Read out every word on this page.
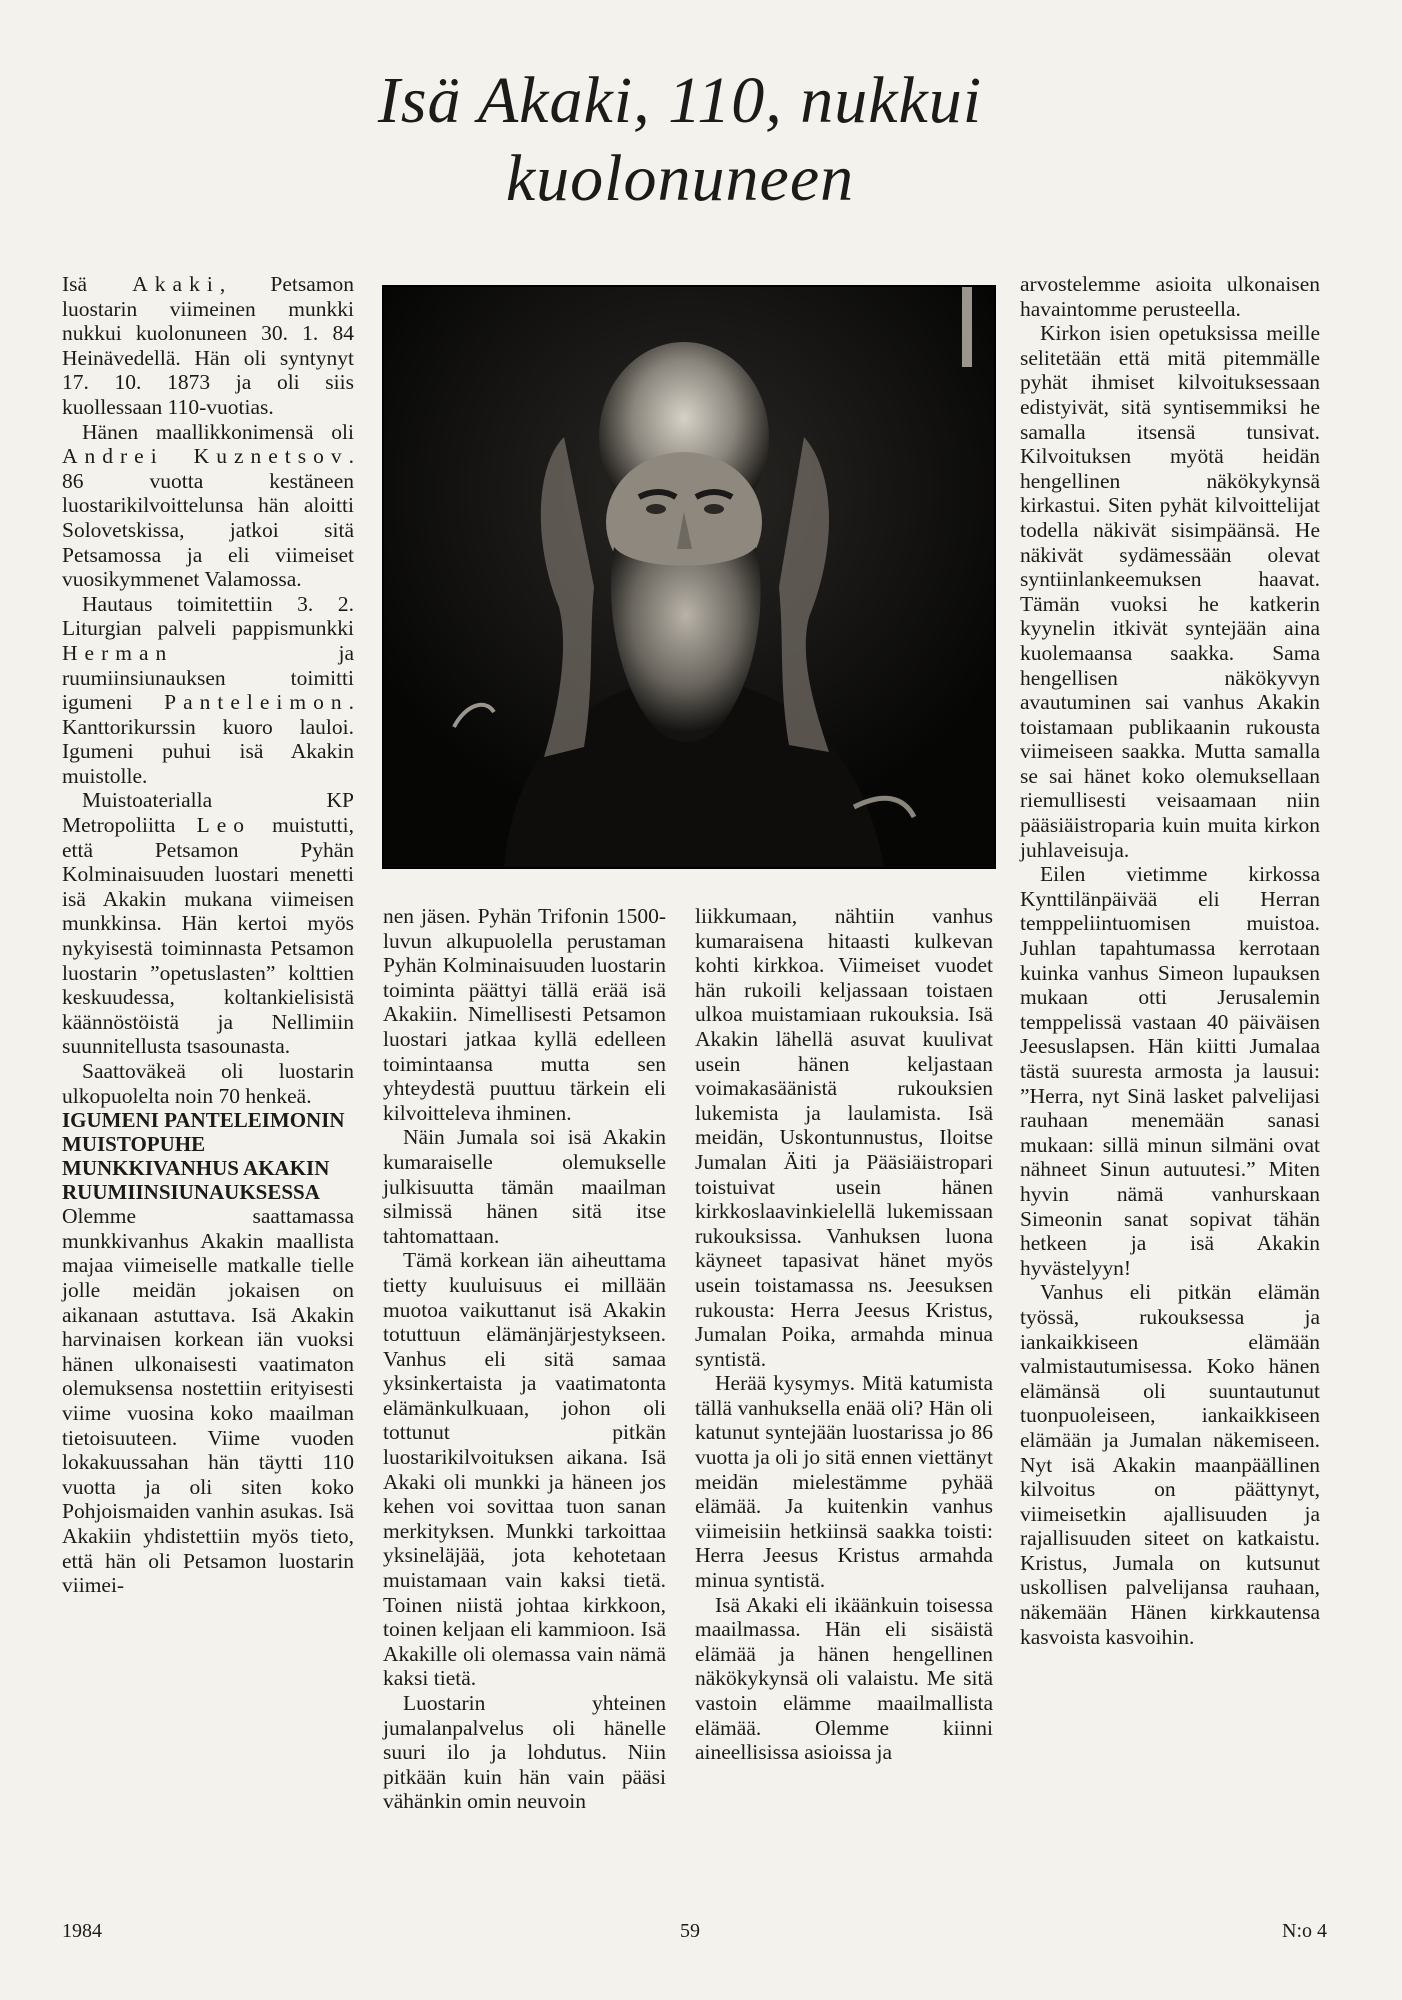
Isä Akaki, 110, nukkui kuolonuneen

Isä Akaki, Petsamon luostarin viimeinen munkki nukkui kuolonuneen 30. 1. 84 Heinävedellä. Hän oli syntynyt 17. 10. 1873 ja oli siis kuollessaan 110-vuotias.

Hänen maallikkonimensä oli Andrei Kuznetsov. 86 vuotta kestäneen luostarikilvoittelunsa hän aloitti Solovetskissa, jatkoi sitä Petsamossa ja eli viimeiset vuosikymmenet Valamossa.

Hautaus toimitettiin 3. 2. Liturgian palveli pappismunkki Herman ja ruumiinsiunauksen toimitti igumeni Panteleimon. Kanttorikurssin kuoro lauloi. Igumeni puhui isä Akakin muistolle.

Muistoaterialla KP Metropoliitta Leo muistutti, että Petsamon Pyhän Kolminaisuuden luostari menetti isä Akakin mukana viimeisen munkkinsa. Hän kertoi myös nykyisestä toiminnasta Petsamon luostarin ”opetuslasten” kolttien keskuudessa, koltankielisistä käännöstöistä ja Nellimiin suunnitellusta tsasounasta.

Saattoväkeä oli luostarin ulkopuolelta noin 70 henkeä.

IGUMENI PANTELEIMONIN MUISTOPUHE MUNKKIVANHUS AKAKIN RUUMIINSIUNAUKSESSA

Olemme saattamassa munkkivanhus Akakin maallista majaa viimeiselle matkalle tielle jolle meidän jokaisen on aikanaan astuttava. Isä Akakin harvinaisen korkean iän vuoksi hänen ulkonaisesti vaatimaton olemuksensa nostettiin erityisesti viime vuosina koko maailman tietoisuuteen. Viime vuoden lokakuussahan hän täytti 110 vuotta ja oli siten koko Pohjoismaiden vanhin asukas. Isä Akakiin yhdistettiin myös tieto, että hän oli Petsamon luostarin viimei-

nen jäsen. Pyhän Trifonin 1500-luvun alkupuolella perustaman Pyhän Kolminaisuuden luostarin toiminta päättyi tällä erää isä Akakiin. Nimellisesti Petsamon luostari jatkaa kyllä edelleen toimintaansa mutta sen yhteydestä puuttuu tärkein eli kilvoitteleva ihminen.

Näin Jumala soi isä Akakin kumaraiselle olemukselle julkisuutta tämän maailman silmissä hänen sitä itse tahtomattaan.

Tämä korkean iän aiheuttama tietty kuuluisuus ei millään muotoa vaikuttanut isä Akakin totuttuun elämänjärjestykseen. Vanhus eli sitä samaa yksinkertaista ja vaatimatonta elämänkulkuaan, johon oli tottunut pitkän luostarikilvoituksen aikana. Isä Akaki oli munkki ja häneen jos kehen voi sovittaa tuon sanan merkityksen. Munkki tarkoittaa yksineläjää, jota kehotetaan muistamaan vain kaksi tietä. Toinen niistä johtaa kirkkoon, toinen keljaan eli kammioon. Isä Akakille oli olemassa vain nämä kaksi tietä.

Luostarin yhteinen jumalanpalvelus oli hänelle suuri ilo ja lohdutus. Niin pitkään kuin hän vain pääsi vähänkin omin neuvoin

liikkumaan, nähtiin vanhus kumaraisena hitaasti kulkevan kohti kirkkoa. Viimeiset vuodet hän rukoili keljassaan toistaen ulkoa muistamiaan rukouksia. Isä Akakin lähellä asuvat kuulivat usein hänen keljastaan voimakasäänistä rukouksien lukemista ja laulamista. Isä meidän, Uskontunnustus, Iloitse Jumalan Äiti ja Pääsiäistropari toistuivat usein hänen kirkkoslaavinkielellä lukemissaan rukouksissa. Vanhuksen luona käyneet tapasivat hänet myös usein toistamassa ns. Jeesuksen rukousta: Herra Jeesus Kristus, Jumalan Poika, armahda minua syntistä.

Herää kysymys. Mitä katumista tällä vanhuksella enää oli? Hän oli katunut syntejään luostarissa jo 86 vuotta ja oli jo sitä ennen viettänyt meidän mielestämme pyhää elämää. Ja kuitenkin vanhus viimeisiin hetkiinsä saakka toisti: Herra Jeesus Kristus armahda minua syntistä.

Isä Akaki eli ikäänkuin toisessa maailmassa. Hän eli sisäistä elämää ja hänen hengellinen näkökykynsä oli valaistu. Me sitä vastoin elämme maailmallista elämää. Olemme kiinni aineellisissa asioissa ja

arvostelemme asioita ulkonaisen havaintomme perusteella.

Kirkon isien opetuksissa meille selitetään että mitä pitemmälle pyhät ihmiset kilvoituksessaan edistyivät, sitä syntisemmiksi he samalla itsensä tunsivat. Kilvoituksen myötä heidän hengellinen näkökykynsä kirkastui. Siten pyhät kilvoittelijat todella näkivät sisimpäänsä. He näkivät sydämessään olevat syntiinlankeemuksen haavat. Tämän vuoksi he katkerin kyynelin itkivät syntejään aina kuolemaansa saakka. Sama hengellisen näkökyvyn avautuminen sai vanhus Akakin toistamaan publikaanin rukousta viimeiseen saakka. Mutta samalla se sai hänet koko olemuksellaan riemullisesti veisaamaan niin pääsiäistroparia kuin muita kirkon juhlaveisuja.

Eilen vietimme kirkossa Kynttilänpäivää eli Herran temppeliintuomisen muistoa. Juhlan tapahtumassa kerrotaan kuinka vanhus Simeon lupauksen mukaan otti Jerusalemin temppelissä vastaan 40 päiväisen Jeesuslapsen. Hän kiitti Jumalaa tästä suuresta armosta ja lausui: ”Herra, nyt Sinä lasket palvelijasi rauhaan menemään sanasi mukaan: sillä minun silmäni ovat nähneet Sinun autuutesi.” Miten hyvin nämä vanhurskaan Simeonin sanat sopivat tähän hetkeen ja isä Akakin hyvästelyyn!

Vanhus eli pitkän elämän työssä, rukouksessa ja iankaikkiseen elämään valmistautumisessa. Koko hänen elämänsä oli suuntautunut tuonpuoleiseen, iankaikkiseen elämään ja Jumalan näkemiseen. Nyt isä Akakin maanpäällinen kilvoitus on päättynyt, viimeisetkin ajallisuuden ja rajallisuuden siteet on katkaistu. Kristus, Jumala on kutsunut uskollisen palvelijansa rauhaan, näkemään Hänen kirkkautensa kasvoista kasvoihin.

1984	59	N:o 4
